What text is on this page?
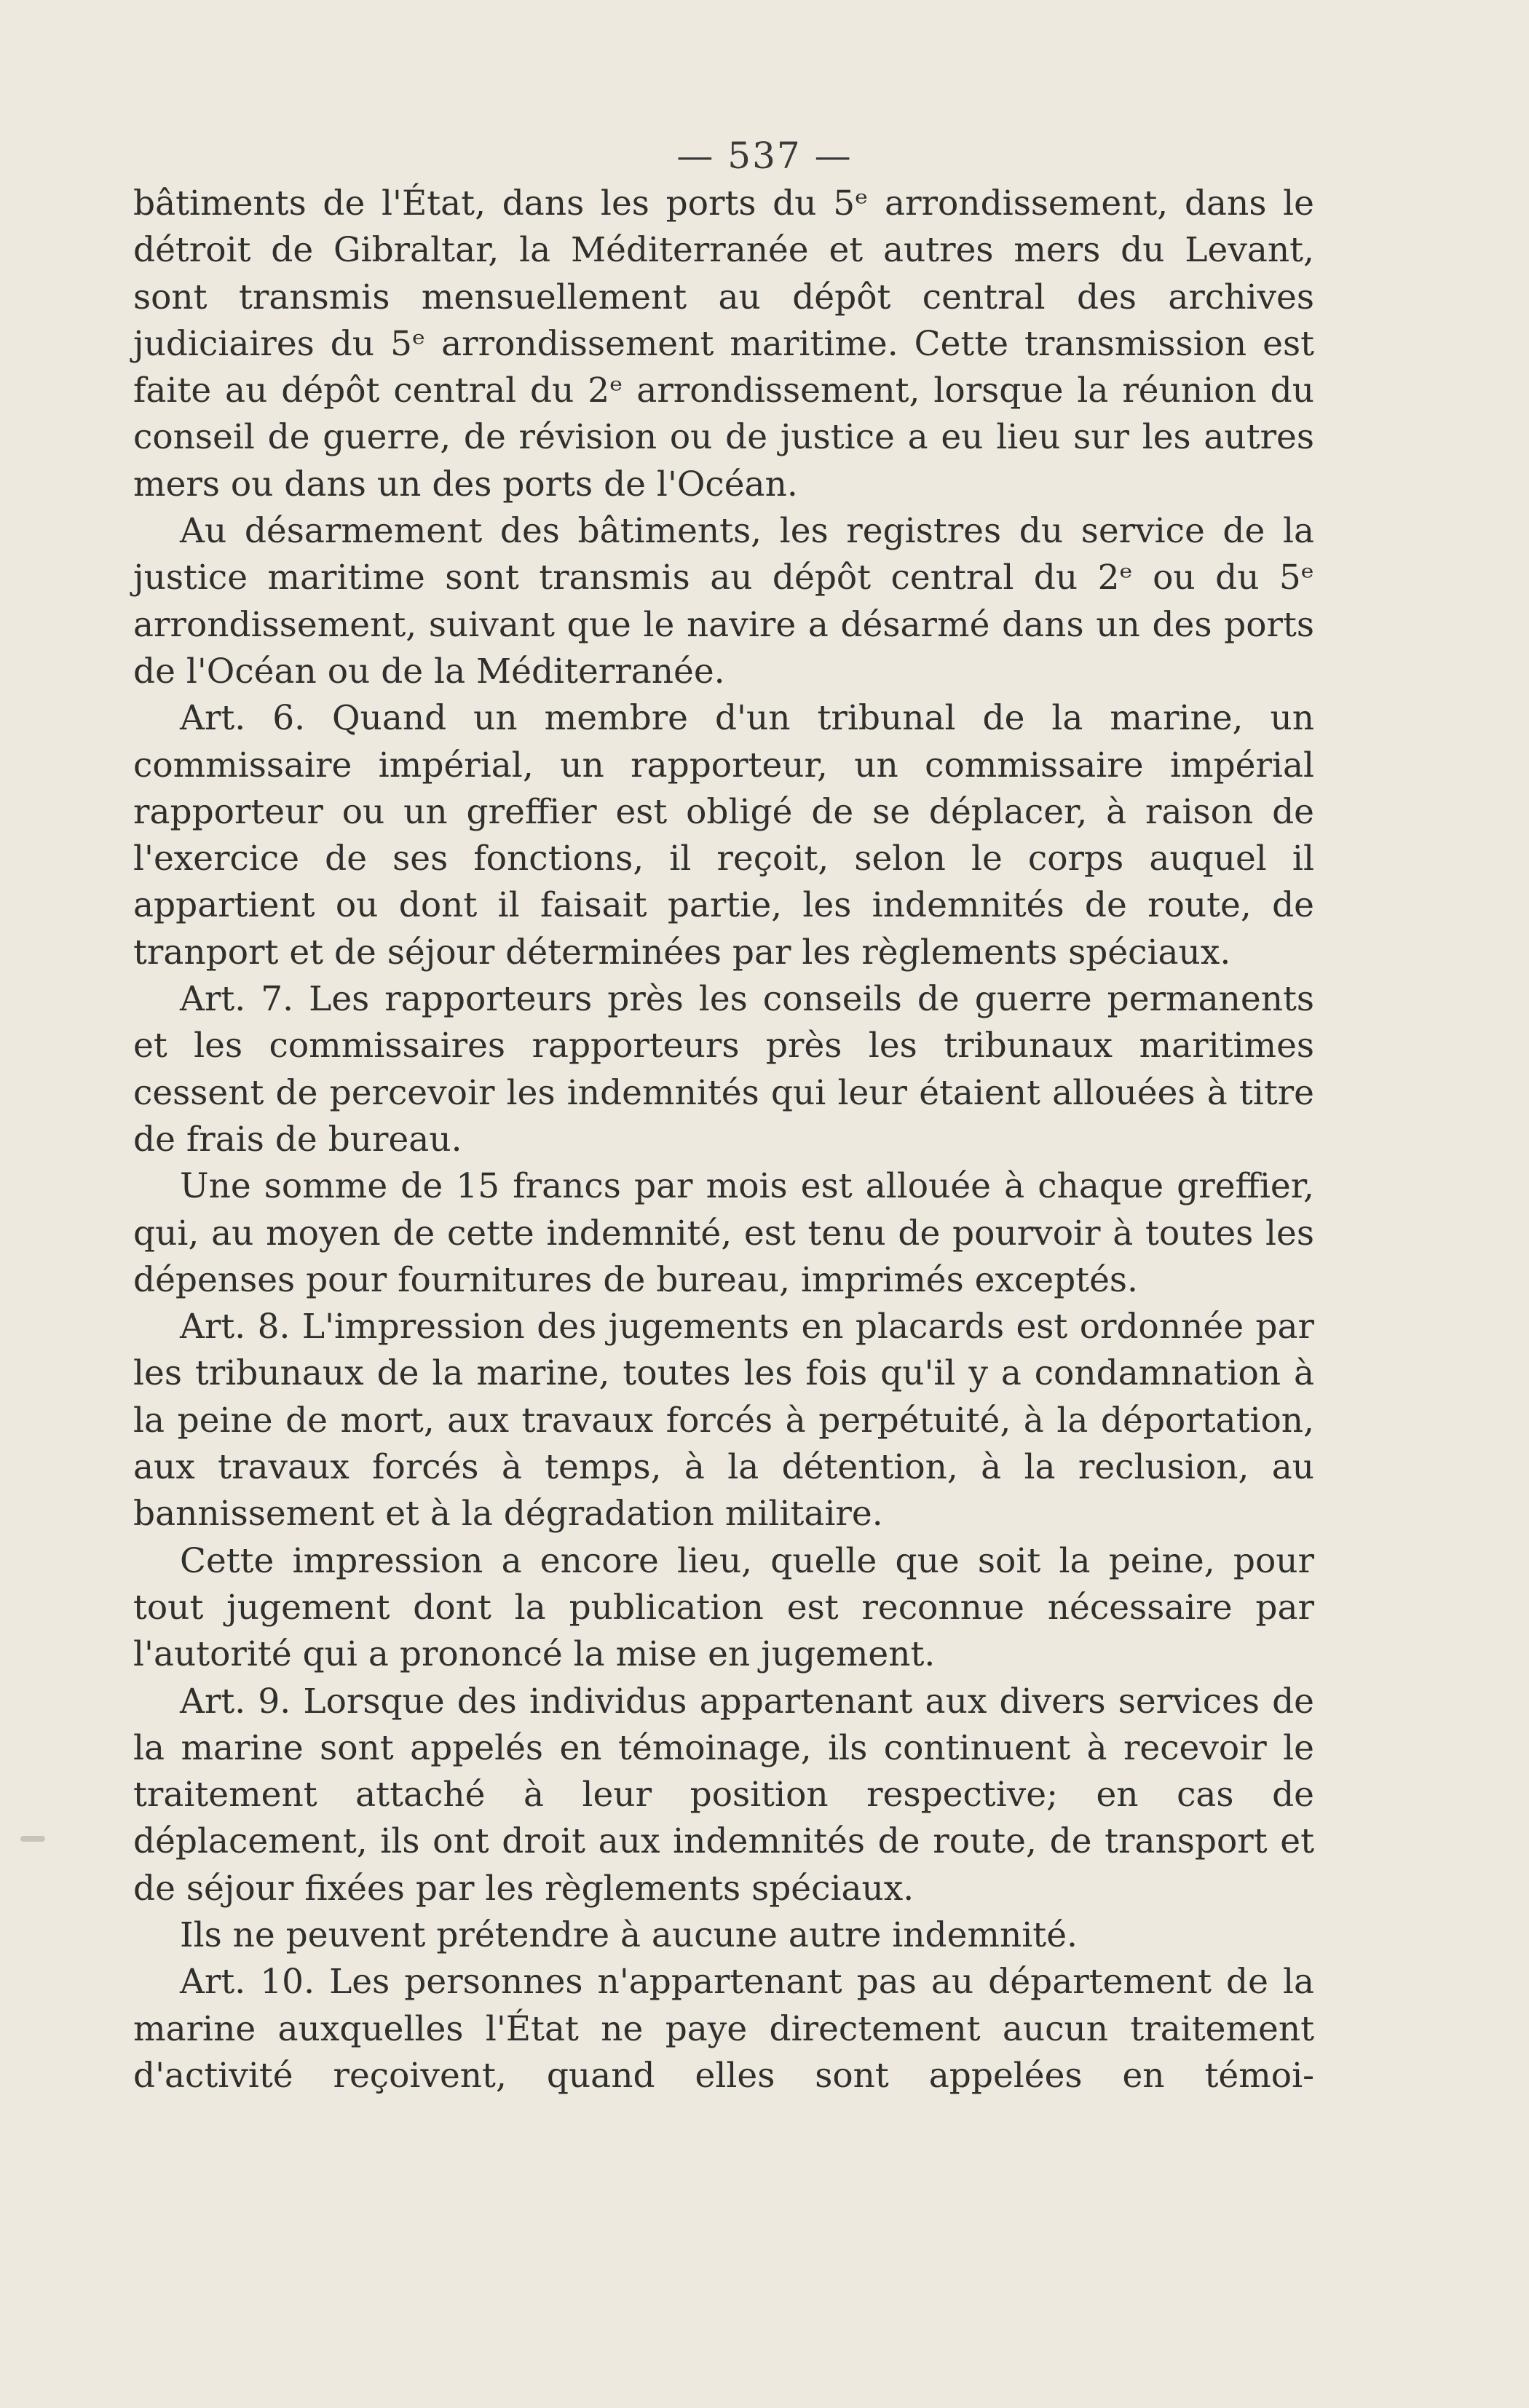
— 537 —

bâtiments de l'État, dans les ports du 5ᵉ arrondissement, dans le détroit de Gibraltar, la Méditerranée et autres mers du Levant, sont transmis mensuellement au dépôt central des archives judiciaires du 5ᵉ arrondissement maritime. Cette transmission est faite au dépôt central du 2ᵉ arrondissement, lorsque la réunion du conseil de guerre, de révision ou de justice a eu lieu sur les autres mers ou dans un des ports de l'Océan.

Au désarmement des bâtiments, les registres du service de la justice maritime sont transmis au dépôt central du 2ᵉ ou du 5ᵉ arrondissement, suivant que le navire a désarmé dans un des ports de l'Océan ou de la Méditerranée.

Art. 6. Quand un membre d'un tribunal de la marine, un commissaire impérial, un rapporteur, un commissaire impérial rapporteur ou un greffier est obligé de se déplacer, à raison de l'exercice de ses fonctions, il reçoit, selon le corps auquel il appartient ou dont il faisait partie, les indemnités de route, de tranport et de séjour déterminées par les règlements spéciaux.

Art. 7. Les rapporteurs près les conseils de guerre permanents et les commissaires rapporteurs près les tribunaux maritimes cessent de percevoir les indemnités qui leur étaient allouées à titre de frais de bureau.

Une somme de 15 francs par mois est allouée à chaque greffier, qui, au moyen de cette indemnité, est tenu de pourvoir à toutes les dépenses pour fournitures de bureau, imprimés exceptés.

Art. 8. L'impression des jugements en placards est ordonnée par les tribunaux de la marine, toutes les fois qu'il y a condamnation à la peine de mort, aux travaux forcés à perpétuité, à la déportation, aux travaux forcés à temps, à la détention, à la reclusion, au bannissement et à la dégradation militaire.

Cette impression a encore lieu, quelle que soit la peine, pour tout jugement dont la publication est reconnue nécessaire par l'autorité qui a prononcé la mise en jugement.

Art. 9. Lorsque des individus appartenant aux divers services de la marine sont appelés en témoinage, ils continuent à recevoir le traitement attaché à leur position respective; en cas de déplacement, ils ont droit aux indemnités de route, de transport et de séjour fixées par les règlements spéciaux.

Ils ne peuvent prétendre à aucune autre indemnité.

Art. 10. Les personnes n'appartenant pas au département de la marine auxquelles l'État ne paye directement aucun traitement d'activité reçoivent, quand elles sont appelées en témoi-
